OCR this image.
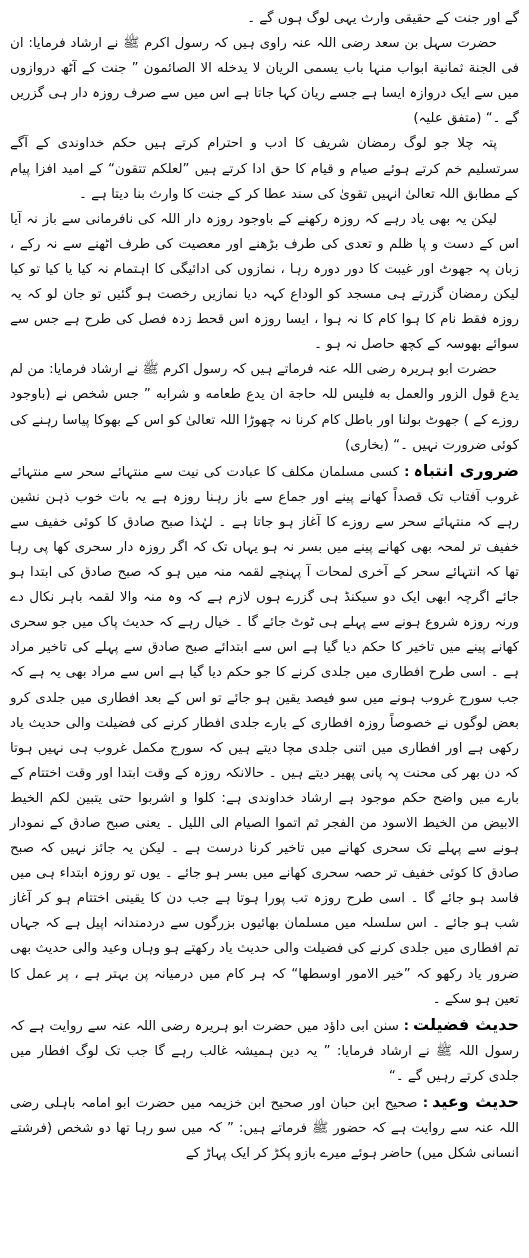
گے اور جنت کے حقیقی وارث یہی لوگ ہوں گے ۔

حضرت سہل بن سعد رضی اللہ عنہ راوی ہیں کہ رسول اکرم ﷺ نے ارشاد فرمایا: ان فی الجنة ثمانیة ابواب منہا باب یسمی الریان لا یدخله الا الصائمون ” جنت کے آٹھ دروازوں میں سے ایک دروازہ ایسا ہے جسے ریان کہا جاتا ہے اس میں سے صرف روزہ دار ہی گزریں گے ۔“ (متفق علیہ)

پتہ چلا جو لوگ رمضان شریف کا ادب و احترام کرتے ہیں حکم خداوندی کے آگے سرتسلیم خم کرتے ہوئے صیام و قیام کا حق ادا کرتے ہیں ”لعلکم تتقون“ کے امید افزا پیام کے مطابق اللہ تعالیٰ انہیں تقویٰ کی سند عطا کر کے جنت کا وارث بنا دیتا ہے ۔

لیکن یہ بھی یاد رہے کہ روزہ رکھنے کے باوجود روزہ دار اللہ کی نافرمانی سے باز نہ آیا اس کے دست و پا ظلم و تعدی کی طرف بڑھنے اور معصیت کی طرف اٹھنے سے نہ رکے ، زبان پہ جھوٹ اور غیبت کا دور دورہ رہا ، نمازوں کی ادائیگی کا اہتمام نہ کیا یا کیا تو کیا لیکن رمضان گزرتے ہی مسجد کو الوداع کہہ دیا نمازیں رخصت ہو گئیں تو جان لو کہ یہ روزہ فقط نام کا ہوا کام کا نہ ہوا ، ایسا روزہ اس قحط زدہ فصل کی طرح ہے جس سے سوائے بھوسہ کے کچھ حاصل نہ ہو ۔

حضرت ابو ہریرہ رضی اللہ عنہ فرماتے ہیں کہ رسول اکرم ﷺ نے ارشاد فرمایا: من لم یدع قول الزور والعمل به فلیس للہ حاجة ان یدع طعامه و شرابه ” جس شخص نے (باوجود روزے کے ) جھوٹ بولنا اور باطل کام کرنا نہ چھوڑا اللہ تعالیٰ کو اس کے بھوکا پیاسا رہنے کی کوئی ضرورت نہیں ۔“ (بخاری)

ضروری انتباہ: کسی مسلمان مکلف کا عبادت کی نیت سے منتہائے سحر سے منتہائے غروب آفتاب تک قصداً کھانے پینے اور جماع سے باز رہنا روزہ ہے یہ بات خوب ذہن نشین رہے کہ منتہائے سحر سے روزے کا آغاز ہو جاتا ہے ۔ لہٰذا صبح صادق کا کوئی خفیف سے خفیف تر لمحہ بھی کھانے پینے میں بسر نہ ہو یہاں تک کہ اگر روزہ دار سحری کھا پی رہا تھا کہ انتہائے سحر کے آخری لمحات آ پہنچے لقمہ منہ میں ہو کہ صبح صادق کی ابتدا ہو جائے اگرچہ ابھی ایک دو سیکنڈ ہی گزرے ہوں لازم ہے کہ وہ منہ والا لقمہ باہر نکال دے ورنہ روزہ شروع ہونے سے پہلے ہی ٹوٹ جائے گا ۔ خیال رہے کہ حدیث پاک میں جو سحری کھانے پینے میں تاخیر کا حکم دیا گیا ہے اس سے ابتدائے صبح صادق سے پہلے کی تاخیر مراد ہے ۔ اسی طرح افطاری میں جلدی کرنے کا جو حکم دیا گیا ہے اس سے مراد بھی یہ ہے کہ جب سورج غروب ہونے میں سو فیصد یقین ہو جائے تو اس کے بعد افطاری میں جلدی کرو بعض لوگوں نے خصوصاً روزہ افطاری کے بارے جلدی افطار کرنے کی فضیلت والی حدیث یاد رکھی ہے اور افطاری میں اتنی جلدی مچا دیتے ہیں کہ سورج مکمل غروب ہی نہیں ہوتا کہ دن بھر کی محنت پہ پانی پھیر دیتے ہیں ۔ حالانکہ روزہ کے وقت ابتدا اور وقت اختتام کے بارے میں واضح حکم موجود ہے ارشاد خداوندی ہے: کلوا و اشربوا حتی یتبین لکم الخیط الابیض من الخیط الاسود من الفجر ثم اتموا الصیام الی اللیل ۔ یعنی صبح صادق کے نمودار ہونے سے پہلے تک سحری کھانے میں تاخیر کرنا درست ہے ۔ لیکن یہ جائز نہیں کہ صبح صادق کا کوئی خفیف تر حصہ سحری کھانے میں بسر ہو جائے ۔ یوں تو روزہ ابتداء ہی میں فاسد ہو جائے گا ۔ اسی طرح روزہ تب پورا ہوتا ہے جب دن کا یقینی اختتام ہو کر آغاز شب ہو جائے ۔ اس سلسلہ میں مسلمان بھائیوں بزرگوں سے دردمندانہ اپیل ہے کہ جہاں تم افطاری میں جلدی کرنے کی فضیلت والی حدیث یاد رکھتے ہو وہاں وعید والی حدیث بھی ضرور یاد رکھو کہ ”خیر الامور اوسطھا“ کہ ہر کام میں درمیانہ پن بہتر ہے ، پر عمل کا تعین ہو سکے ۔

حدیث فضیلت: سنن ابی داؤد میں حضرت ابو ہریرہ رضی اللہ عنہ سے روایت ہے کہ رسول اللہ ﷺ نے ارشاد فرمایا: ” یہ دین ہمیشہ غالب رہے گا جب تک لوگ افطار میں جلدی کرتے رہیں گے ۔“

حدیث وعید: صحیح ابن حبان اور صحیح ابن خزیمہ میں حضرت ابو امامہ باہلی رضی اللہ عنہ سے روایت ہے کہ حضور ﷺ فرماتے ہیں: ” کہ میں سو رہا تھا دو شخص (فرشتے انسانی شکل میں) حاضر ہوئے میرے بازو پکڑ کر ایک پہاڑ کے
